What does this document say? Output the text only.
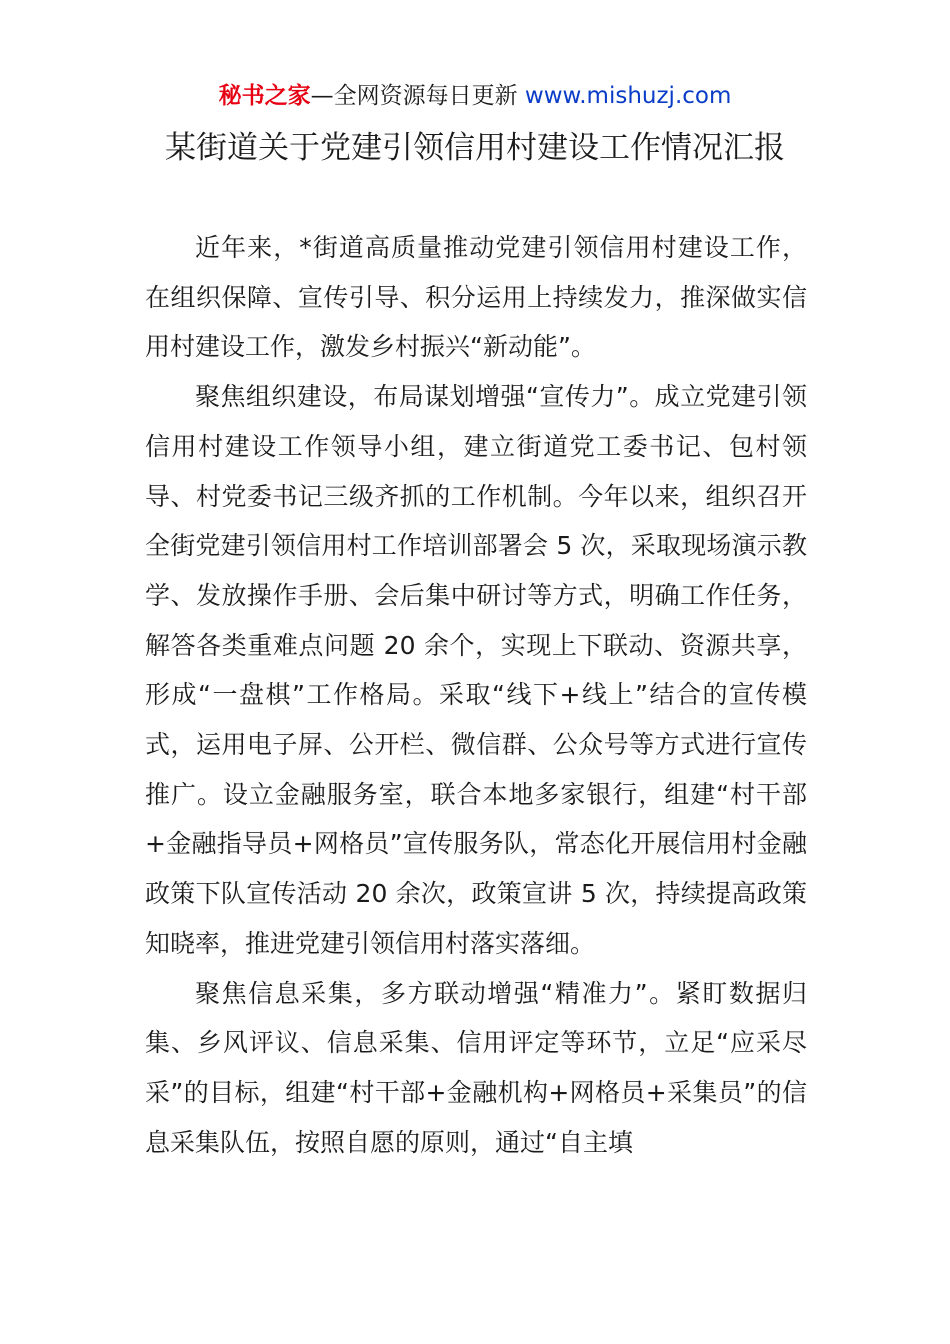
秘书之家—全网资源每日更新 www.mishuzj.com
某街道关于党建引领信用村建设工作情况汇报

近年来，*街道高质量推动党建引领信用村建设工作，在组织保障、宣传引导、积分运用上持续发力，推深做实信用村建设工作，激发乡村振兴“新动能”。

聚焦组织建设，布局谋划增强“宣传力”。成立党建引领信用村建设工作领导小组，建立街道党工委书记、包村领导、村党委书记三级齐抓的工作机制。今年以来，组织召开全街党建引领信用村工作培训部署会 5 次，采取现场演示教学、发放操作手册、会后集中研讨等方式，明确工作任务，解答各类重难点问题 20 余个，实现上下联动、资源共享，形成“一盘棋”工作格局。采取“线下+线上”结合的宣传模式，运用电子屏、公开栏、微信群、公众号等方式进行宣传推广。设立金融服务室，联合本地多家银行，组建“村干部+金融指导员+网格员”宣传服务队，常态化开展信用村金融政策下队宣传活动 20 余次，政策宣讲 5 次，持续提高政策知晓率，推进党建引领信用村落实落细。

聚焦信息采集，多方联动增强“精准力”。紧盯数据归集、乡风评议、信息采集、信用评定等环节，立足“应采尽采”的目标，组建“村干部+金融机构+网格员+采集员”的信息采集队伍，按照自愿的原则，通过“自主填
